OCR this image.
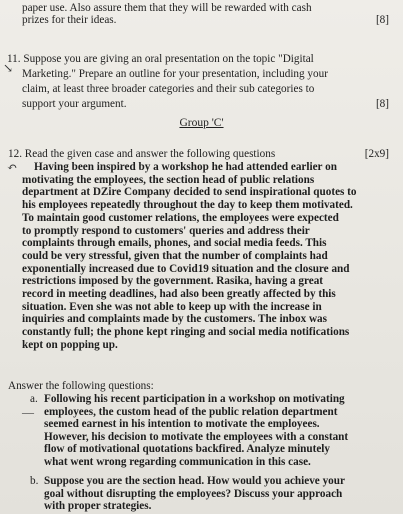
paper use. Also assure them that they will be rewarded with cash
prizes for their ideas.	[8]
11. Suppose you are giving an oral presentation on the topic "Digital
Marketing." Prepare an outline for your presentation, including your
claim, at least three broader categories and their sub categories to
support your argument.	[8]
↘
Group 'C'
12. Read the given case and answer the following questions	[2x9]
↶ Having been inspired by a workshop he had attended earlier on
motivating the employees, the section head of public relations
department at DZire Company decided to send inspirational quotes to
his employees repeatedly throughout the day to keep them motivated.
To maintain good customer relations, the employees were expected
to promptly respond to customers' queries and address their
complaints through emails, phones, and social media feeds. This
could be very stressful, given that the number of complaints had
exponentially increased due to Covid19 situation and the closure and
restrictions imposed by the government. Rasika, having a great
record in meeting deadlines, had also been greatly affected by this
situation. Even she was not able to keep up with the increase in
inquiries and complaints made by the customers. The inbox was
constantly full; the phone kept ringing and social media notifications
kept on popping up.
Answer the following questions:
a. Following his recent participation in a workshop on motivating
employees, the custom head of the public relation department
seemed earnest in his intention to motivate the employees.
However, his decision to motivate the employees with a constant
flow of motivational quotations backfired. Analyze minutely
what went wrong regarding communication in this case.
b. Suppose you are the section head. How would you achieve your
goal without disrupting the employees? Discuss your approach
with proper strategies.
—
